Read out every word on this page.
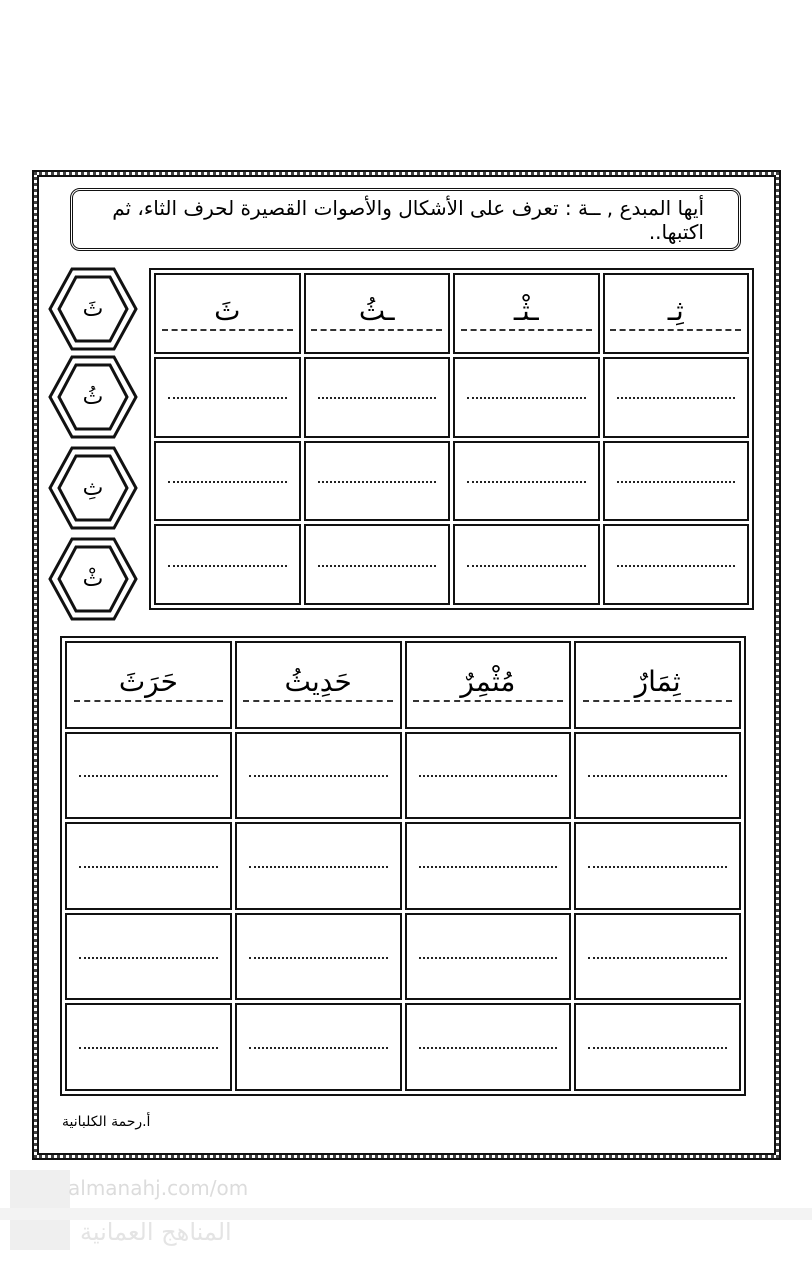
أيها المبدع , ــة : تعرف على الأشكال والأصوات القصيرة لحرف الثاء، ثم اكتبها..
ثَ
ثُ
ثِ
ثْ
ثَ	ـثُ	ـثْـ	ثِـ
حَرَثَ	حَدِيثُ	مُثْمِرٌ	ثِمَارٌ
أ.رحمة الكلبانية
almanahj.com/om
المناهج العمانية
